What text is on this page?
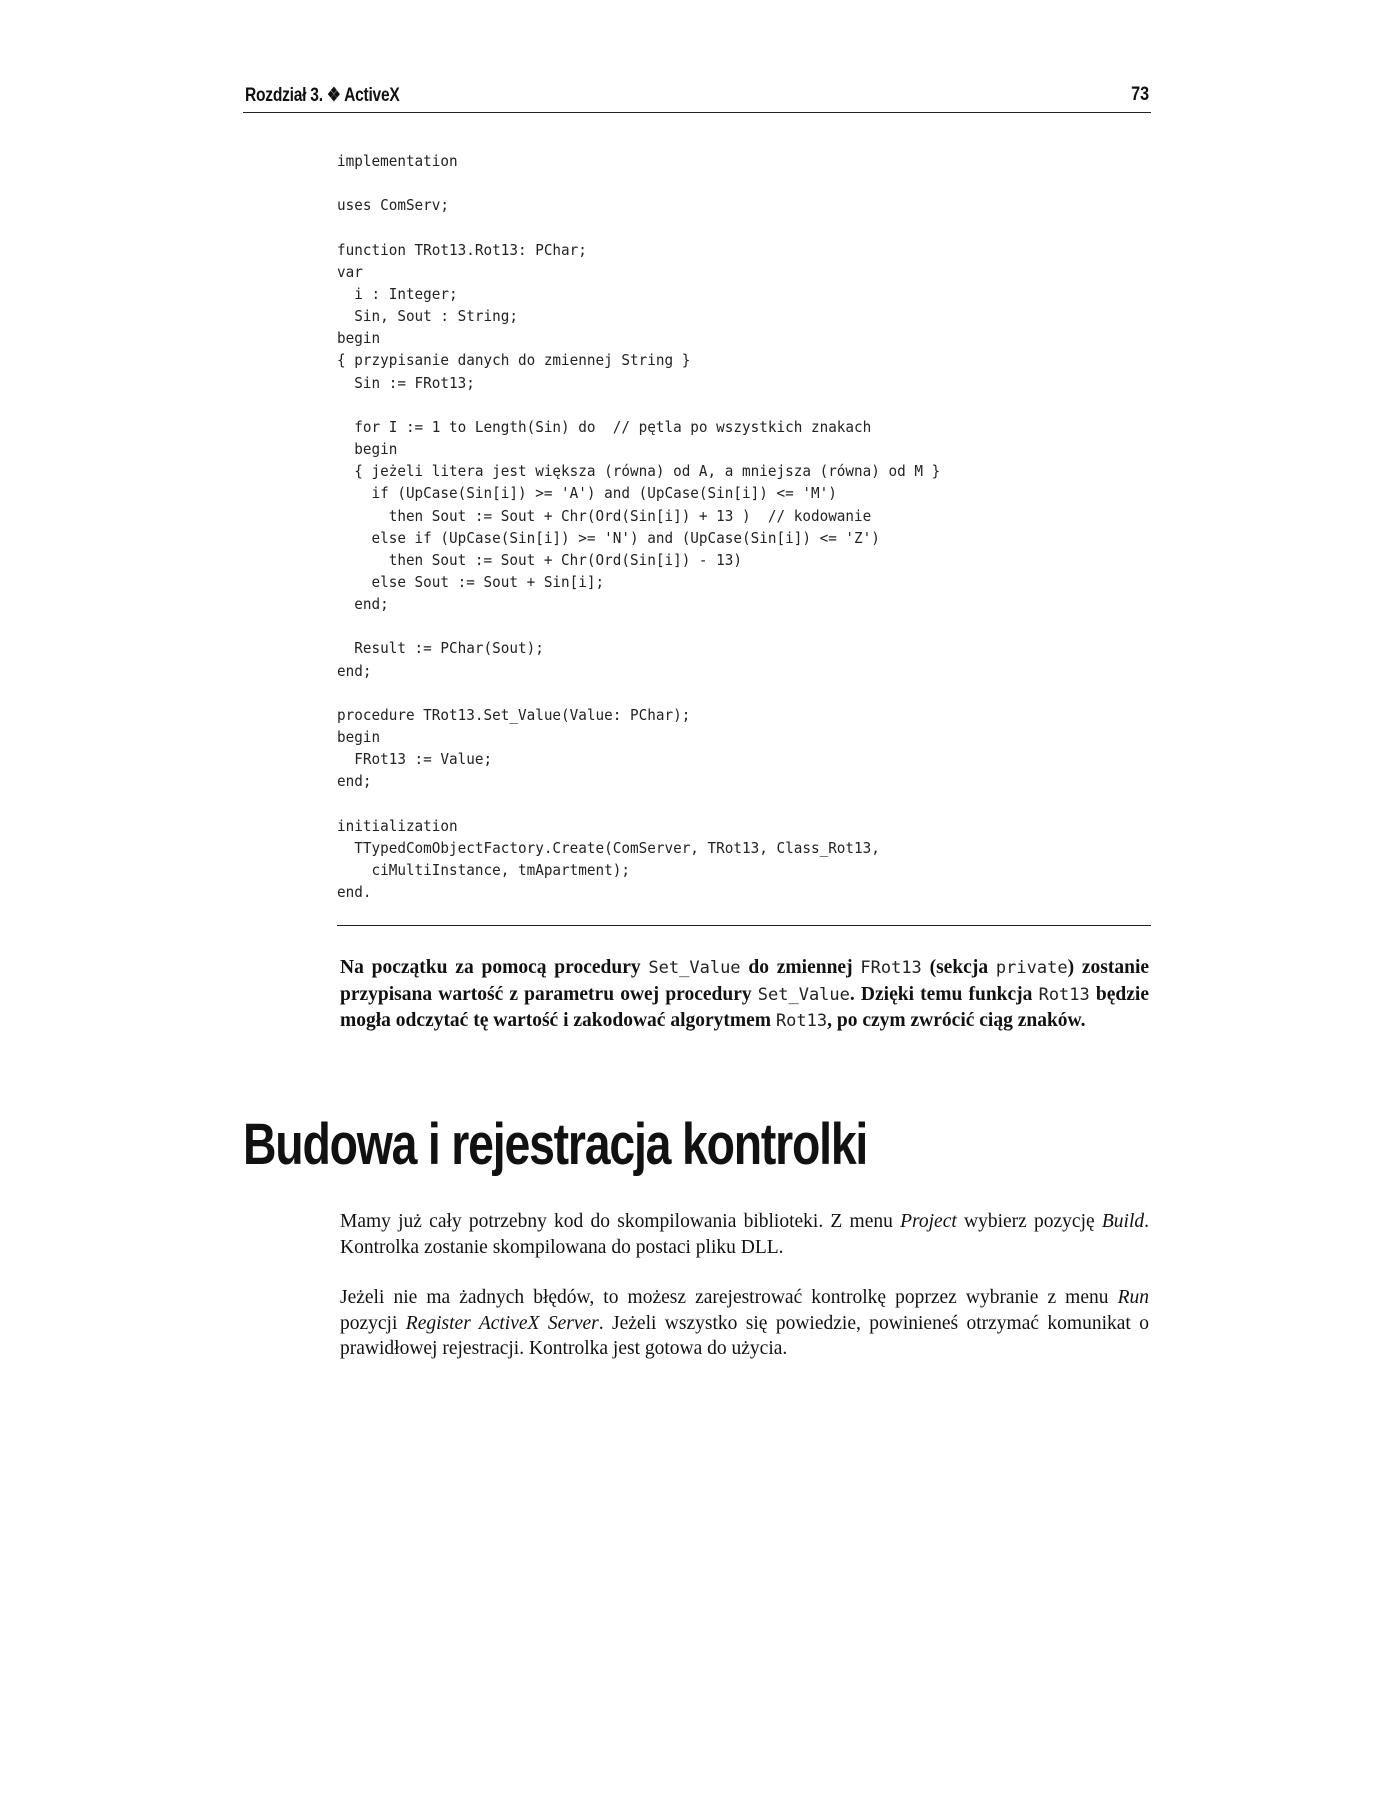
Rozdział 3. ❖ ActiveX	73
implementation

uses ComServ;

function TRot13.Rot13: PChar;
var
i : Integer;
Sin, Sout : String;
begin
{ przypisanie danych do zmiennej String }
Sin := FRot13;

for I := 1 to Length(Sin) do  // pętla po wszystkich znakach
begin
{ jeżeli litera jest większa (równa) od A, a mniejsza (równa) od M }
if (UpCase(Sin[i]) >= 'A') and (UpCase(Sin[i]) <= 'M')
then Sout := Sout + Chr(Ord(Sin[i]) + 13 )  // kodowanie
else if (UpCase(Sin[i]) >= 'N') and (UpCase(Sin[i]) <= 'Z')
then Sout := Sout + Chr(Ord(Sin[i]) - 13)
else Sout := Sout + Sin[i];
end;

Result := PChar(Sout);
end;

procedure TRot13.Set_Value(Value: PChar);
begin
FRot13 := Value;
end;

initialization
TTypedComObjectFactory.Create(ComServer, TRot13, Class_Rot13,
ciMultiInstance, tmApartment);
end.

Na początku za pomocą procedury Set_Value do zmiennej FRot13 (sekcja private) zostanie przypisana wartość z parametru owej procedury Set_Value. Dzięki temu funkcja Rot13 będzie mogła odczytać tę wartość i zakodować algorytmem Rot13, po czym zwrócić ciąg znaków.

Budowa i rejestracja kontrolki

Mamy już cały potrzebny kod do skompilowania biblioteki. Z menu Project wybierz pozycję Build. Kontrolka zostanie skompilowana do postaci pliku DLL.

Jeżeli nie ma żadnych błędów, to możesz zarejestrować kontrolkę poprzez wybranie z menu Run pozycji Register ActiveX Server. Jeżeli wszystko się powiedzie, powinieneś otrzymać komunikat o prawidłowej rejestracji. Kontrolka jest gotowa do użycia.
